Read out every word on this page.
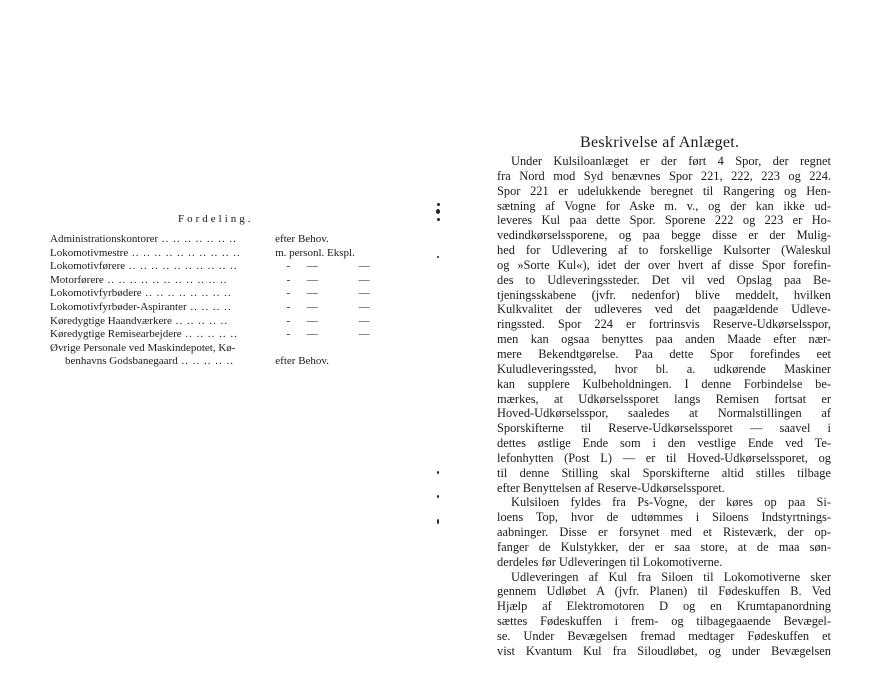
Fordeling.
Administrationskontorer .. .. .. .. .. .. ..	efter Behov.
Lokomotivmestre .. .. .. .. .. .. .. .. .. ..	m. personl. Ekspl.
Lokomotivførere .. .. .. .. .. .. .. .. .. ..	- —	—
Motorførere .. .. .. .. .. .. .. .. .. .. ..	- —	—
Lokomotivfyrbødere .. .. .. .. .. .. .. ..	- —	—
Lokomotivfyrbøder-Aspiranter .. .. .. ..	- —	—
Køredygtige Haandværkere .. .. .. .. ..	- —	—
Køredygtige Remisearbejdere .. .. .. .. ..	- —	—
Øvrige Personale ved Maskindepotet, Kø-
benhavns Godsbanegaard .. .. .. .. ..	efter Behov.
Beskrivelse af Anlæget.
Under Kulsiloanlæget er der ført 4 Spor, der regnet
fra Nord mod Syd benævnes Spor 221, 222, 223 og 224.
Spor 221 er udelukkende beregnet til Rangering og Hen-
sætning af Vogne for Aske m. v., og der kan ikke ud-
leveres Kul paa dette Spor. Sporene 222 og 223 er Ho-
vedindkørselssporene, og paa begge disse er der Mulig-
hed for Udlevering af to forskellige Kulsorter (Waleskul
og »Sorte Kul«), idet der over hvert af disse Spor forefin-
des to Udleveringssteder. Det vil ved Opslag paa Be-
tjeningsskabene (jvfr. nedenfor) blive meddelt, hvilken
Kulkvalitet der udleveres ved det paagældende Udleve-
ringssted. Spor 224 er fortrinsvis Reserve-Udkørselsspor,
men kan ogsaa benyttes paa anden Maade efter nær-
mere Bekendtgørelse. Paa dette Spor forefindes eet
Kuludleveringssted, hvor bl. a. udkørende Maskiner
kan supplere Kulbeholdningen. I denne Forbindelse be-
mærkes, at Udkørselssporet langs Remisen fortsat er
Hoved-Udkørselsspor, saaledes at Normalstillingen af
Sporskifterne til Reserve-Udkørselssporet — saavel i
dettes østlige Ende som i den vestlige Ende ved Te-
lefonhytten (Post L) — er til Hoved-Udkørselssporet, og
til denne Stilling skal Sporskifterne altid stilles tilbage
efter Benyttelsen af Reserve-Udkørselssporet.
Kulsiloen fyldes fra Ps-Vogne, der køres op paa Si-
loens Top, hvor de udtømmes i Siloens Indstyrtnings-
aabninger. Disse er forsynet med et Risteværk, der op-
fanger de Kulstykker, der er saa store, at de maa søn-
derdeles før Udleveringen til Lokomotiverne.
Udleveringen af Kul fra Siloen til Lokomotiverne sker
gennem Udløbet A (jvfr. Planen) til Fødeskuffen B. Ved
Hjælp af Elektromotoren D og en Krumtapanordning
sættes Fødeskuffen i frem- og tilbagegaaende Bevægel-
se. Under Bevægelsen fremad medtager Fødeskuffen et
vist Kvantum Kul fra Siloudløbet, og under Bevægelsen
